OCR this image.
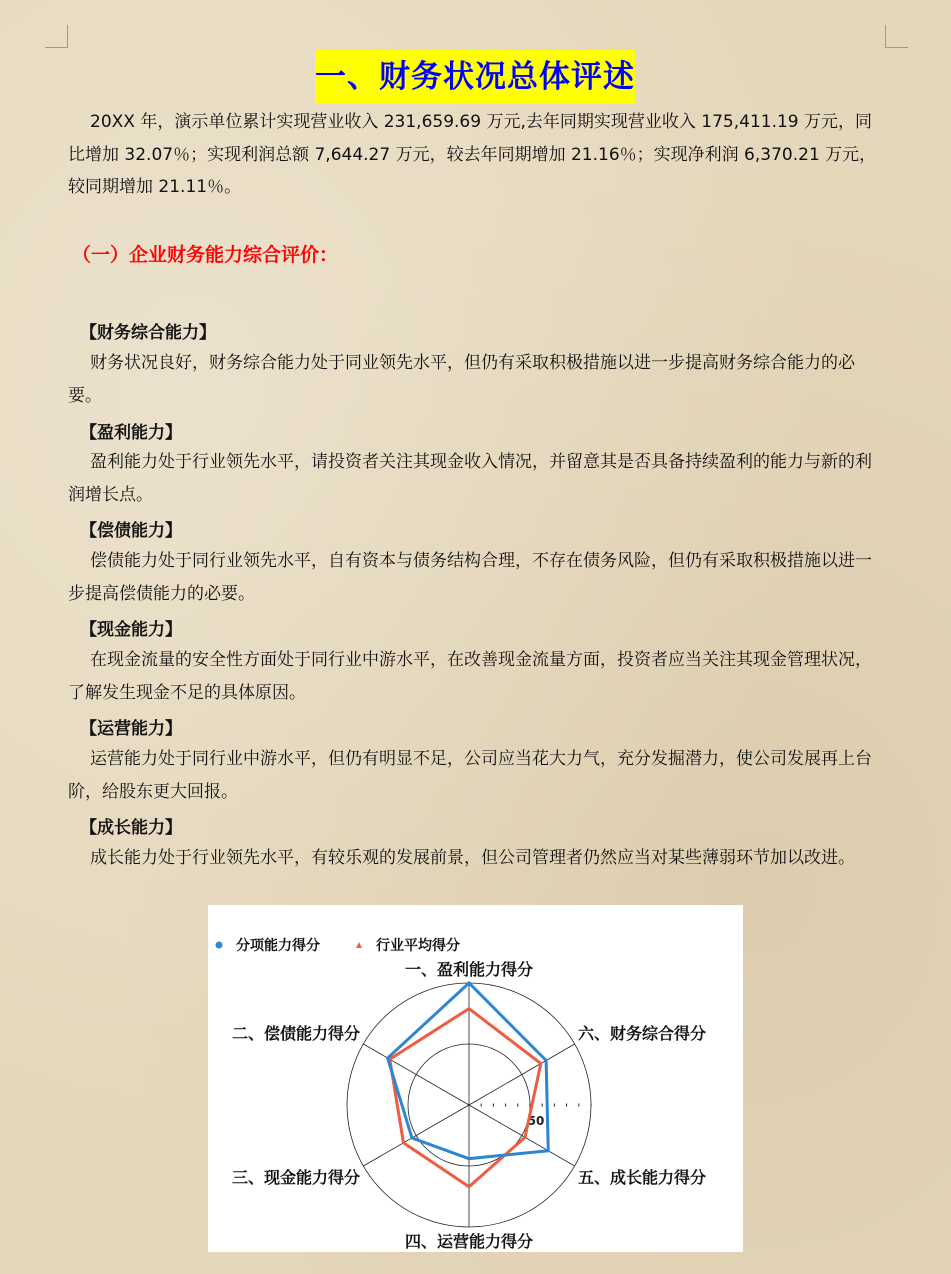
一、财务状况总体评述

20XX 年，演示单位累计实现营业收入 231,659.69 万元,去年同期实现营业收入 175,411.19 万元，同比增加 32.07％；实现利润总额 7,644.27 万元，较去年同期增加 21.16％；实现净利润 6,370.21 万元，较同期增加 21.11％。

（一）企业财务能力综合评价：
【财务综合能力】

财务状况良好，财务综合能力处于同业领先水平，但仍有采取积极措施以进一步提高财务综合能力的必要。

【盈利能力】

盈利能力处于行业领先水平，请投资者关注其现金收入情况，并留意其是否具备持续盈利的能力与新的利润增长点。

【偿债能力】

偿债能力处于同行业领先水平，自有资本与债务结构合理，不存在债务风险，但仍有采取积极措施以进一步提高偿债能力的必要。

【现金能力】

在现金流量的安全性方面处于同行业中游水平，在改善现金流量方面，投资者应当关注其现金管理状况，了解发生现金不足的具体原因。

【运营能力】

运营能力处于同行业中游水平，但仍有明显不足，公司应当花大力气，充分发掘潜力，使公司发展再上台阶，给股东更大回报。

【成长能力】

成长能力处于行业领先水平，有较乐观的发展前景，但公司管理者仍然应当对某些薄弱环节加以改进。

50
一、盈利能力得分
二、偿债能力得分
三、现金能力得分
四、运营能力得分
五、成长能力得分
六、财务综合得分
分项能力得分	行业平均得分
